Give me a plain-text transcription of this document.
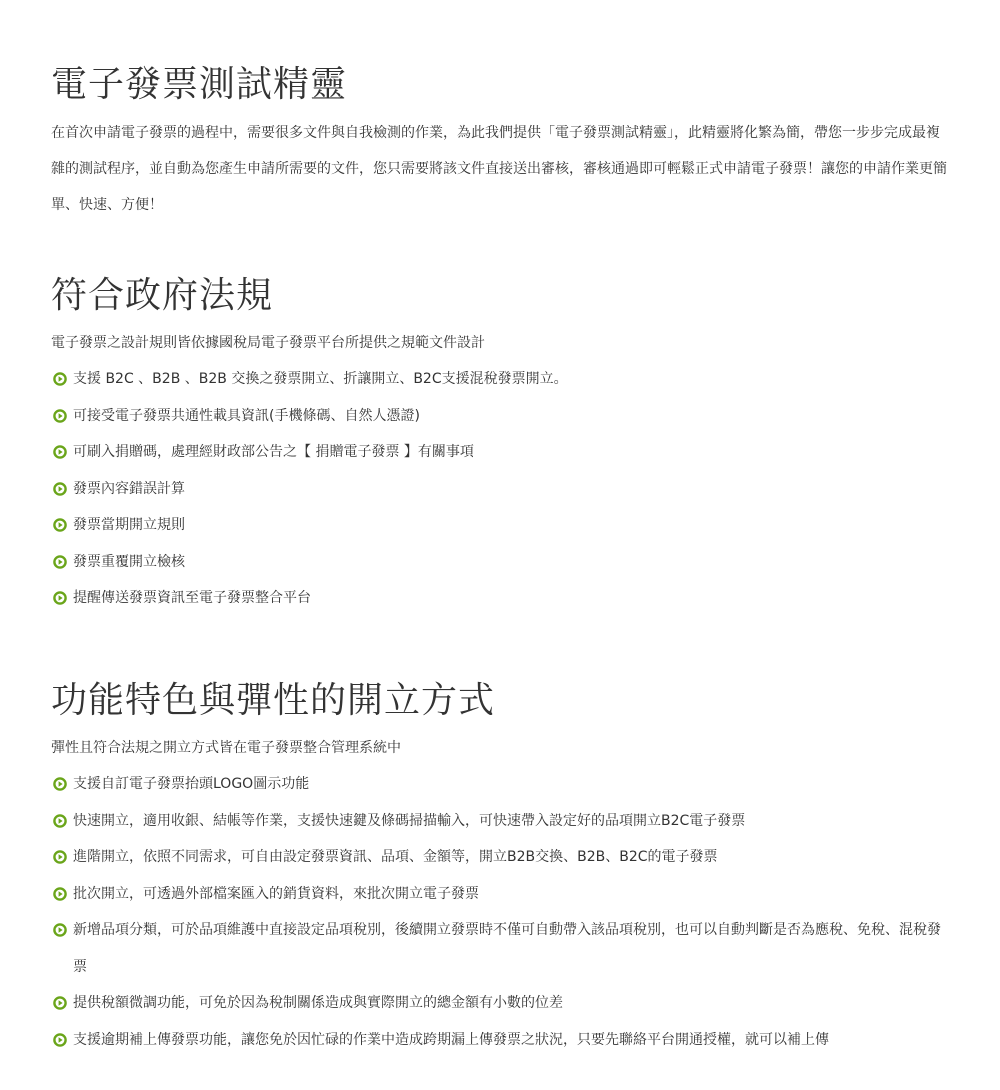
電子發票測試精靈

在首次申請電子發票的過程中，需要很多文件與自我檢測的作業，為此我們提供「電子發票測試精靈」，此精靈將化繁為簡，帶您一步步完成最複雜的測試程序，並自動為您產生申請所需要的文件，您只需要將該文件直接送出審核，審核通過即可輕鬆正式申請電子發票！讓您的申請作業更簡單、快速、方便！

符合政府法規

電子發票之設計規則皆依據國稅局電子發票平台所提供之規範文件設計

支援 B2C 、B2B 、B2B 交換之發票開立、折讓開立、B2C支援混稅發票開立。
可接受電子發票共通性載具資訊(手機條碼、自然人憑證)
可刷入捐贈碼，處理經財政部公告之【 捐贈電子發票 】有關事項
發票內容錯誤計算
發票當期開立規則
發票重覆開立檢核
提醒傳送發票資訊至電子發票整合平台
功能特色與彈性的開立方式

彈性且符合法規之開立方式皆在電子發票整合管理系統中

支援自訂電子發票抬頭LOGO圖示功能
快速開立，適用收銀、結帳等作業，支援快速鍵及條碼掃描輸入，可快速帶入設定好的品項開立B2C電子發票
進階開立，依照不同需求，可自由設定發票資訊、品項、金額等，開立B2B交換、B2B、B2C的電子發票
批次開立，可透過外部檔案匯入的銷貨資料，來批次開立電子發票
新增品項分類，可於品項維護中直接設定品項稅別，後續開立發票時不僅可自動帶入該品項稅別，也可以自動判斷是否為應稅、免稅、混稅發票
提供稅額微調功能，可免於因為稅制關係造成與實際開立的總金額有小數的位差
支援逾期補上傳發票功能，讓您免於因忙碌的作業中造成跨期漏上傳發票之狀況，只要先聯絡平台開通授權，就可以補上傳
